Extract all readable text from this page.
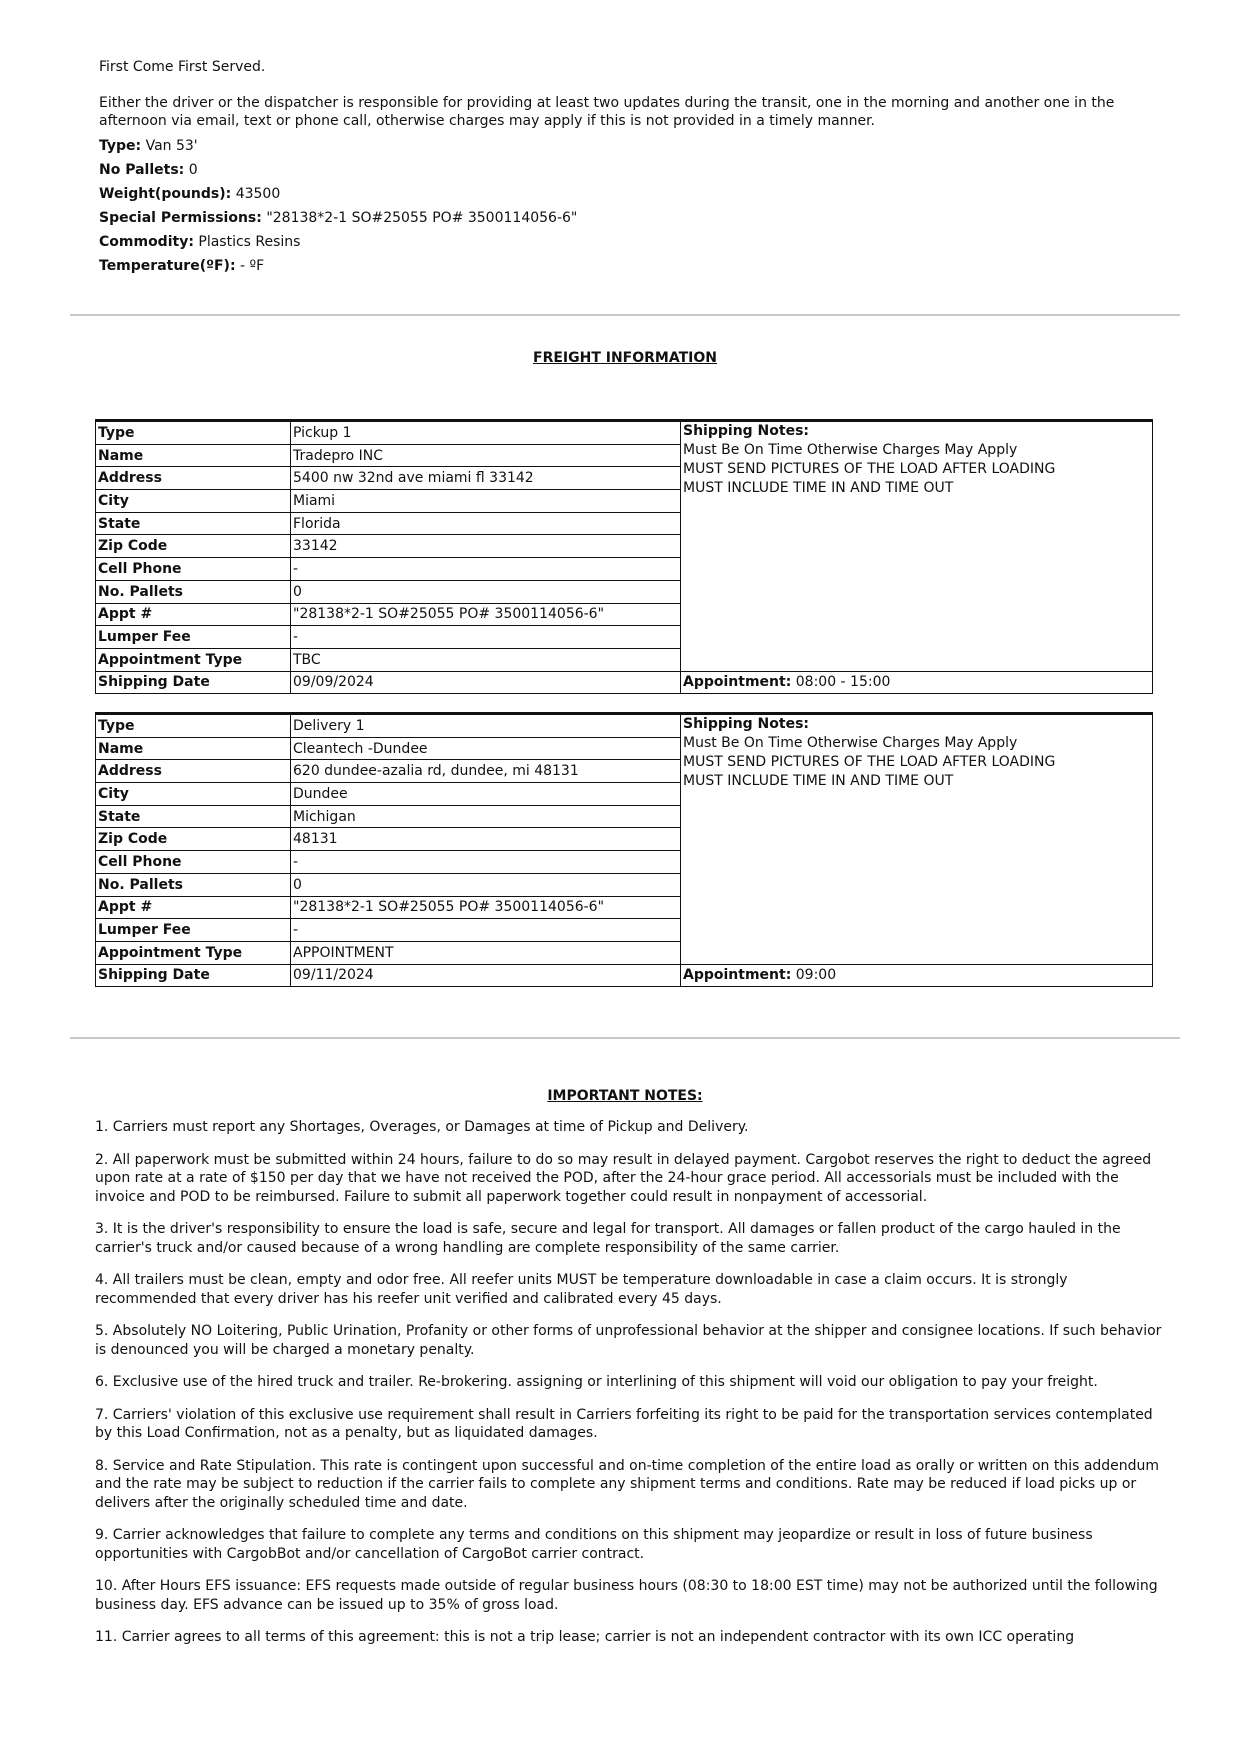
First Come First Served.

Either the driver or the dispatcher is responsible for providing at least two updates during the transit, one in the morning and another one in the afternoon via email, text or phone call, otherwise charges may apply if this is not provided in a timely manner.

Type: Van 53'

No Pallets: 0

Weight(pounds): 43500

Special Permissions: "28138*2-1 SO#25055 PO# 3500114056-6"

Commodity: Plastics Resins

Temperature(ºF): - ºF

FREIGHT INFORMATION
Type	Pickup 1	Shipping Notes:
Must Be On Time Otherwise Charges May Apply
MUST SEND PICTURES OF THE LOAD AFTER LOADING
MUST INCLUDE TIME IN AND TIME OUT

Name	Tradepro INC	
Address	5400 nw 32nd ave miami fl 33142	
City	Miami	
State	Florida	
Zip Code	33142	
Cell Phone	-	
No. Pallets	0	
Appt #	"28138*2-1 SO#25055 PO# 3500114056-6"	
Lumper Fee	-	
Appointment Type	TBC	
Shipping Date	09/09/2024	Appointment: 08:00 - 15:00
Type	Delivery 1	Shipping Notes:
Must Be On Time Otherwise Charges May Apply
MUST SEND PICTURES OF THE LOAD AFTER LOADING
MUST INCLUDE TIME IN AND TIME OUT

Name	Cleantech -Dundee	
Address	620 dundee-azalia rd, dundee, mi 48131	
City	Dundee	
State	Michigan	
Zip Code	48131	
Cell Phone	-	
No. Pallets	0	
Appt #	"28138*2-1 SO#25055 PO# 3500114056-6"	
Lumper Fee	-	
Appointment Type	APPOINTMENT	
Shipping Date	09/11/2024	Appointment: 09:00
IMPORTANT NOTES:

1. Carriers must report any Shortages, Overages, or Damages at time of Pickup and Delivery.

2. All paperwork must be submitted within 24 hours, failure to do so may result in delayed payment. Cargobot reserves the right to deduct the agreed upon rate at a rate of $150 per day that we have not received the POD, after the 24-hour grace period. All accessorials must be included with the invoice and POD to be reimbursed. Failure to submit all paperwork together could result in nonpayment of accessorial.

3. It is the driver's responsibility to ensure the load is safe, secure and legal for transport. All damages or fallen product of the cargo hauled in the carrier's truck and/or caused because of a wrong handling are complete responsibility of the same carrier.

4. All trailers must be clean, empty and odor free. All reefer units MUST be temperature downloadable in case a claim occurs. It is strongly recommended that every driver has his reefer unit verified and calibrated every 45 days.

5. Absolutely NO Loitering, Public Urination, Profanity or other forms of unprofessional behavior at the shipper and consignee locations. If such behavior is denounced you will be charged a monetary penalty.

6. Exclusive use of the hired truck and trailer. Re-brokering. assigning or interlining of this shipment will void our obligation to pay your freight.

7. Carriers' violation of this exclusive use requirement shall result in Carriers forfeiting its right to be paid for the transportation services contemplated by this Load Confirmation, not as a penalty, but as liquidated damages.

8. Service and Rate Stipulation. This rate is contingent upon successful and on-time completion of the entire load as orally or written on this addendum and the rate may be subject to reduction if the carrier fails to complete any shipment terms and conditions. Rate may be reduced if load picks up or delivers after the originally scheduled time and date.

9. Carrier acknowledges that failure to complete any terms and conditions on this shipment may jeopardize or result in loss of future business opportunities with CargobBot and/or cancellation of CargoBot carrier contract.

10. After Hours EFS issuance: EFS requests made outside of regular business hours (08:30 to 18:00 EST time) may not be authorized until the following business day. EFS advance can be issued up to 35% of gross load.

11. Carrier agrees to all terms of this agreement: this is not a trip lease; carrier is not an independent contractor with its own ICC operating
